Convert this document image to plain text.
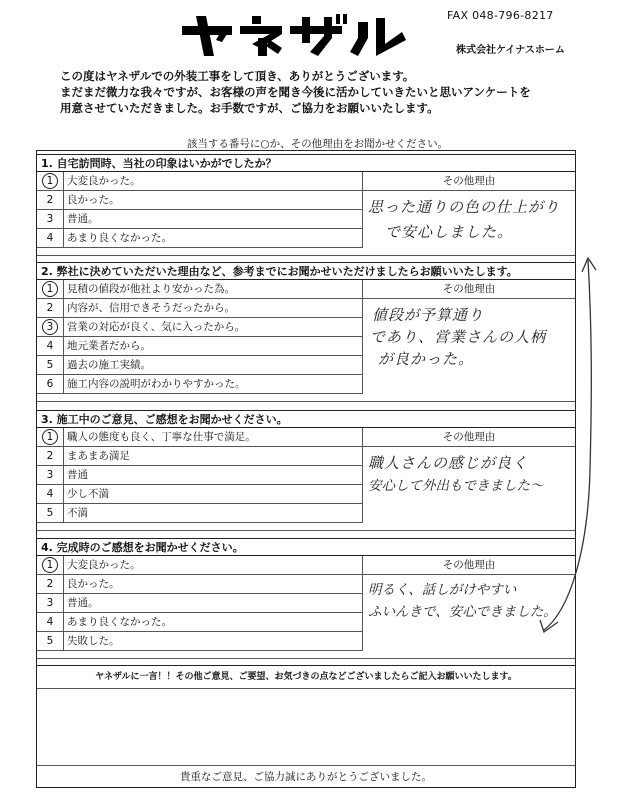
FAX 048-796-8217
株式会社ケイナスホーム
この度はヤネザルでの外装工事をして頂き、ありがとうございます。
まだまだ微力な我々ですが、お客様の声を聞き今後に活かしていきたいと思いアンケートを
用意させていただきました。お手数ですが、ご協力をお願いいたします。
該当する番号に○か、その他理由をお聞かせください。
1. 自宅訪問時、当社の印象はいかがでしたか？
その他理由
1	大変良かった。
2	良かった。
3	普通。
4	あまり良くなかった。
思った通りの色の仕上がり
で安心しました。
2. 弊社に決めていただいた理由など、参考までにお聞かせいただけましたらお願いいたします。
その他理由
1	見積の値段が他社より安かった為。
2	内容が、信用できそうだったから。
3	営業の対応が良く、気に入ったから。
4	地元業者だから。
5	過去の施工実績。
6	施工内容の説明がわかりやすかった。
値段が予算通り
であり、営業さんの人柄
が良かった。
3. 施工中のご意見、ご感想をお聞かせください。
その他理由
1	職人の態度も良く、丁寧な仕事で満足。
2	まあまあ満足
3	普通
4	少し不満
5	不満
職人さんの感じが良く
安心して外出もできました～
4. 完成時のご感想をお聞かせください。
その他理由
1	大変良かった。
2	良かった。
3	普通。
4	あまり良くなかった。
5	失敗した。
明るく、話しがけやすい
ふいんきで、安心できました。
ヤネザルに一言！！その他ご意見、ご要望、お気づきの点などございましたらご記入お願いいたします。
貴重なご意見、ご協力誠にありがとうございました。
